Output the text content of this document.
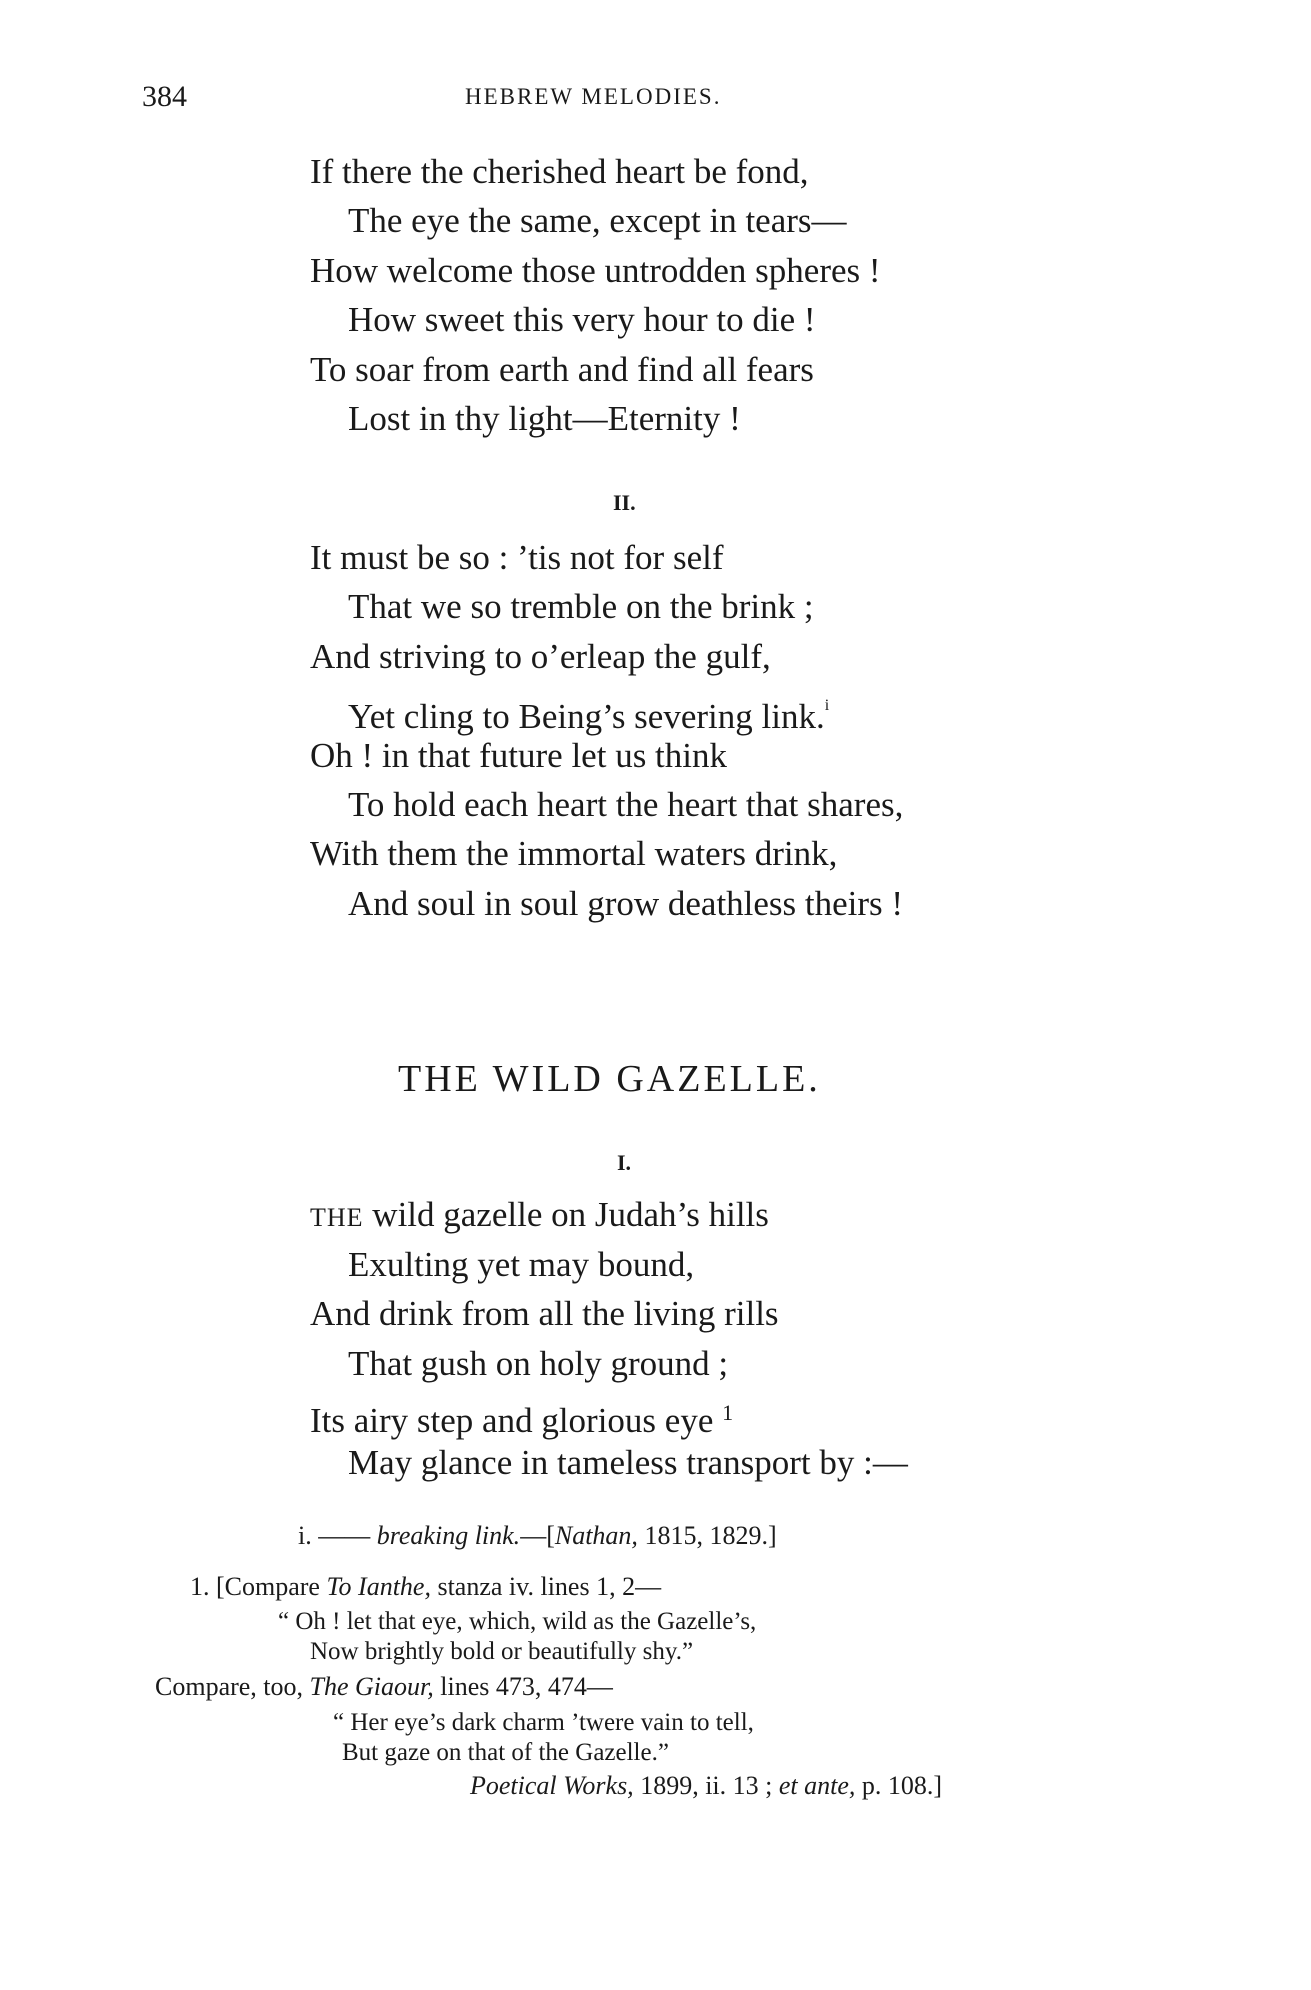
384	HEBREW MELODIES.
If there the cherished heart be fond,
The eye the same, except in tears—
How welcome those untrodden spheres !
How sweet this very hour to die !
To soar from earth and find all fears
Lost in thy light—Eternity !
II.
It must be so : ’tis not for self
That we so tremble on the brink ;
And striving to o’erleap the gulf,
Yet cling to Being’s severing link.$^i$
Oh ! in that future let us think
To hold each heart the heart that shares,
With them the immortal waters drink,
And soul in soul grow deathless theirs !
THE WILD GAZELLE.
I.
THE wild gazelle on Judah’s hills
Exulting yet may bound,
And drink from all the living rills
That gush on holy ground ;
Its airy step and glorious eye $^1$
May glance in tameless transport by :—
i. —— breaking link.—[Nathan, 1815, 1829.]
1. [Compare To Ianthe, stanza iv. lines 1, 2—
“ Oh ! let that eye, which, wild as the Gazelle’s,
Now brightly bold or beautifully shy.”
Compare, too, The Giaour, lines 473, 474—
“ Her eye’s dark charm ’twere vain to tell,
But gaze on that of the Gazelle.”
Poetical Works, 1899, ii. 13 ; et ante, p. 108.]
